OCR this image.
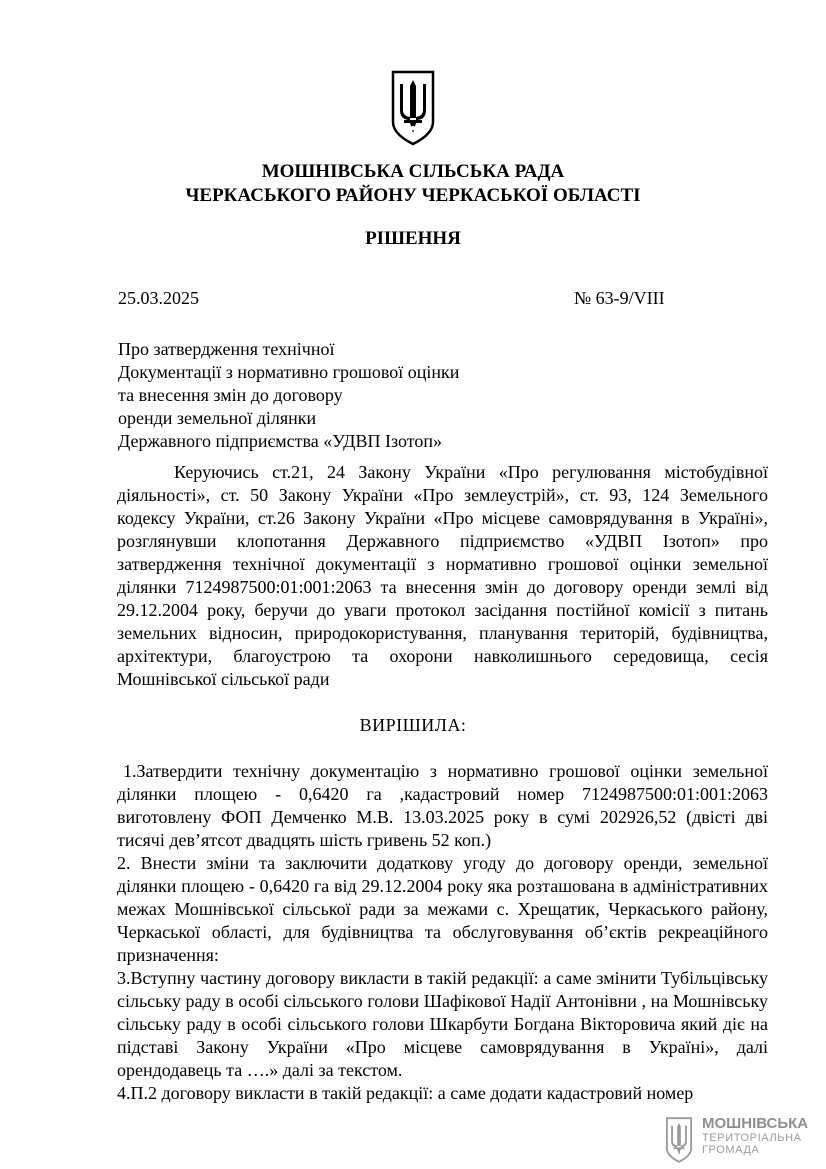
МОШНІВСЬКА СІЛЬСЬКА РАДА
ЧЕРКАСЬКОГО РАЙОНУ ЧЕРКАСЬКОЇ ОБЛАСТІ
РІШЕННЯ
25.03.2025	№ 63-9/VIII
Про затвердження технічної
Документації з нормативно грошової оцінки
та внесення змін до договору
оренди земельної ділянки
Державного підприємства «УДВП Ізотоп»

Керуючись ст.21, 24 Закону України «Про регулювання містобудівної діяльності», ст. 50 Закону України «Про землеустрій», ст. 93, 124 Земельного кодексу України, ст.26 Закону України «Про місцеве самоврядування в Україні», розглянувши клопотання Державного підприємство «УДВП Ізотоп» про затвердження технічної документації з нормативно грошової оцінки земельної ділянки 7124987500:01:001:2063 та внесення змін до договору оренди землі від 29.12.2004 року, беручи до уваги протокол засідання постійної комісії з питань земельних відносин, природокористування, планування територій, будівництва, архітектури, благоустрою та охорони навколишнього середовища, сесія Мошнівської сільської ради

ВИРІШИЛА:

1.Затвердити технічну документацію з нормативно грошової оцінки земельної ділянки площею - 0,6420 га ,кадастровий номер 7124987500:01:001:2063 виготовлену ФОП Демченко М.В. 13.03.2025 року в сумі 202926,52 (двісті дві тисячі дев’ятсот двадцять шість гривень 52 коп.)

2. Внести зміни та заключити додаткову угоду до договору оренди, земельної ділянки площею - 0,6420 га від 29.12.2004 року яка розташована в адміністративних межах Мошнівської сільської ради за межами с. Хрещатик, Черкаського району, Черкаської області, для будівництва та обслуговування об’єктів рекреаційного призначення:

3.Вступну частину договору викласти в такій редакції: а саме змінити Тубільцівську сільську раду в особі сільського голови Шафікової Надії Антонівни , на Мошнівську сільську раду в особі сільського голови Шкарбути Богдана Вікторовича який діє на підставі Закону України «Про місцеве самоврядування в Україні», далі орендодавець та ….» далі за текстом.

4.П.2 договору викласти в такій редакції: а саме додати кадастровий номер

МОШНІВСЬКА
ТЕРИТОРІАЛЬНА
ГРОМАДА
